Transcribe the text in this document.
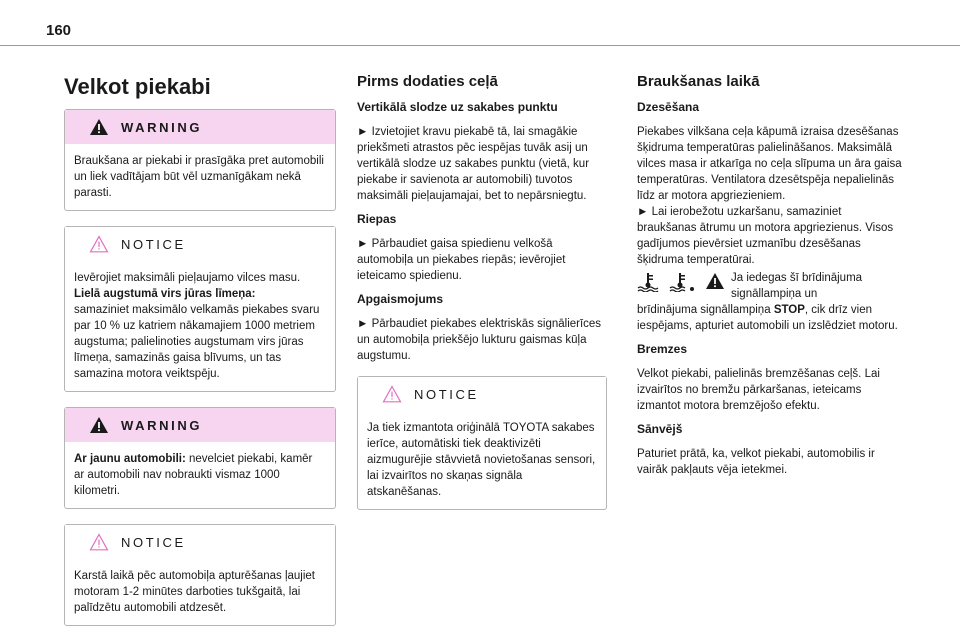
160
Velkot piekabi
WARNING
Braukšana ar piekabi ir prasīgāka pret automobili un liek vadītājam būt vēl uzmanīgākam nekā parasti.
NOTICE
Ievērojiet maksimāli pieļaujamo vilces masu.
Lielā augstumā virs jūras līmeņa:
samaziniet maksimālo velkamās piekabes svaru par 10 % uz katriem nākamajiem 1000 metriem augstuma; palielinoties augstumam virs jūras līmeņa, samazinās gaisa blīvums, un tas samazina motora veiktspēju.
WARNING
Ar jaunu automobili: nevelciet piekabi, kamēr ar automobili nav nobraukti vismaz 1000 kilometri.
NOTICE
Karstā laikā pēc automobiļa apturēšanas ļaujiet motoram 1-2 minūtes darboties tukšgaitā, lai palīdzētu automobili atdzesēt.
Pirms dodaties ceļā
Vertikālā slodze uz sakabes punktu
► Izvietojiet kravu piekabē tā, lai smagākie priekšmeti atrastos pēc iespējas tuvāk asij un vertikālā slodze uz sakabes punktu (vietā, kur piekabe ir savienota ar automobili) tuvotos maksimāli pieļaujamajai, bet to nepārsniegtu.
Riepas
► Pārbaudiet gaisa spiedienu velkošā automobiļa un piekabes riepās; ievērojiet ieteicamo spiedienu.
Apgaismojums
► Pārbaudiet piekabes elektriskās signālierīces un automobiļa priekšējo lukturu gaismas kūļa augstumu.
NOTICE
Ja tiek izmantota oriģinālā TOYOTA sakabes ierīce, automātiski tiek deaktivizēti aizmugurējie stāvvietā novietošanas sensori, lai izvairītos no skaņas signāla atskanēšanas.
Braukšanas laikā
Dzesēšana
Piekabes vilkšana ceļa kāpumā izraisa dzesēšanas šķidruma temperatūras palielināšanos. Maksimālā vilces masa ir atkarīga no ceļa slīpuma un āra gaisa temperatūras. Ventilatora dzesētspēja nepalielinās līdz ar motora apgriezieniem.
► Lai ierobežotu uzkaršanu, samaziniet braukšanas ātrumu un motora apgriezienus. Visos gadījumos pievērsiet uzmanību dzesēšanas šķidruma temperatūrai.
Ja iedegas šī brīdinājuma signāllampiņa un
brīdinājuma signāllampiņa STOP, cik drīz vien iespējams, apturiet automobili un izslēdziet motoru.
Bremzes
Velkot piekabi, palielinās bremzēšanas ceļš. Lai izvairītos no bremžu pārkaršanas, ieteicams izmantot motora bremzējošo efektu.
Sānvējš
Paturiet prātā, ka, velkot piekabi, automobilis ir vairāk pakļauts vēja ietekmei.
